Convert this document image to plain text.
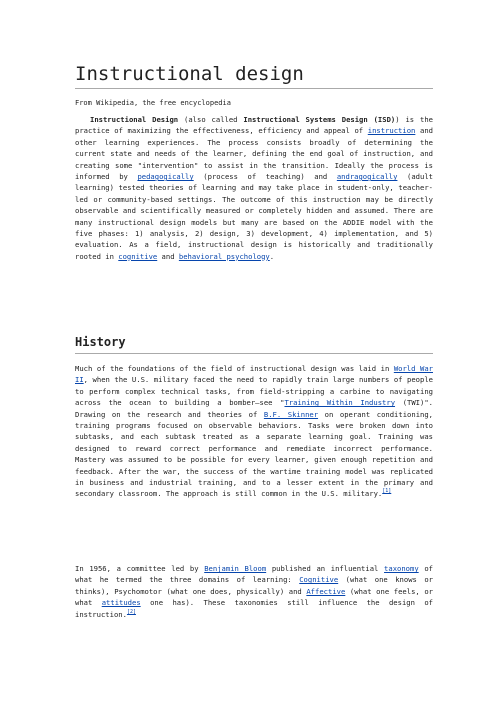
Instructional design
From Wikipedia, the free encyclopedia

Instructional Design (also called Instructional Systems Design (ISD)) is the practice of maximizing the effectiveness, efficiency and appeal of instruction and other learning experiences. The process consists broadly of determining the current state and needs of the learner, defining the end goal of instruction, and creating some "intervention" to assist in the transition. Ideally the process is informed by pedagogically (process of teaching) and andragogically (adult learning) tested theories of learning and may take place in student-only, teacher-led or community-based settings. The outcome of this instruction may be directly observable and scientifically measured or completely hidden and assumed. There are many instructional design models but many are based on the ADDIE model with the five phases: 1) analysis, 2) design, 3) development, 4) implementation, and 5) evaluation. As a field, instructional design is historically and traditionally rooted in cognitive and behavioral psychology.

History

Much of the foundations of the field of instructional design was laid in World War II, when the U.S. military faced the need to rapidly train large numbers of people to perform complex technical tasks, from field-stripping a carbine to navigating across the ocean to building a bomber—see "Training Within Industry (TWI)". Drawing on the research and theories of B.F. Skinner on operant conditioning, training programs focused on observable behaviors. Tasks were broken down into subtasks, and each subtask treated as a separate learning goal. Training was designed to reward correct performance and remediate incorrect performance. Mastery was assumed to be possible for every learner, given enough repetition and feedback. After the war, the success of the wartime training model was replicated in business and industrial training, and to a lesser extent in the primary and secondary classroom. The approach is still common in the U.S. military.[1]

In 1956, a committee led by Benjamin Bloom published an influential taxonomy of what he termed the three domains of learning: Cognitive (what one knows or thinks), Psychomotor (what one does, physically) and Affective (what one feels, or what attitudes one has). These taxonomies still influence the design of instruction.[2]
